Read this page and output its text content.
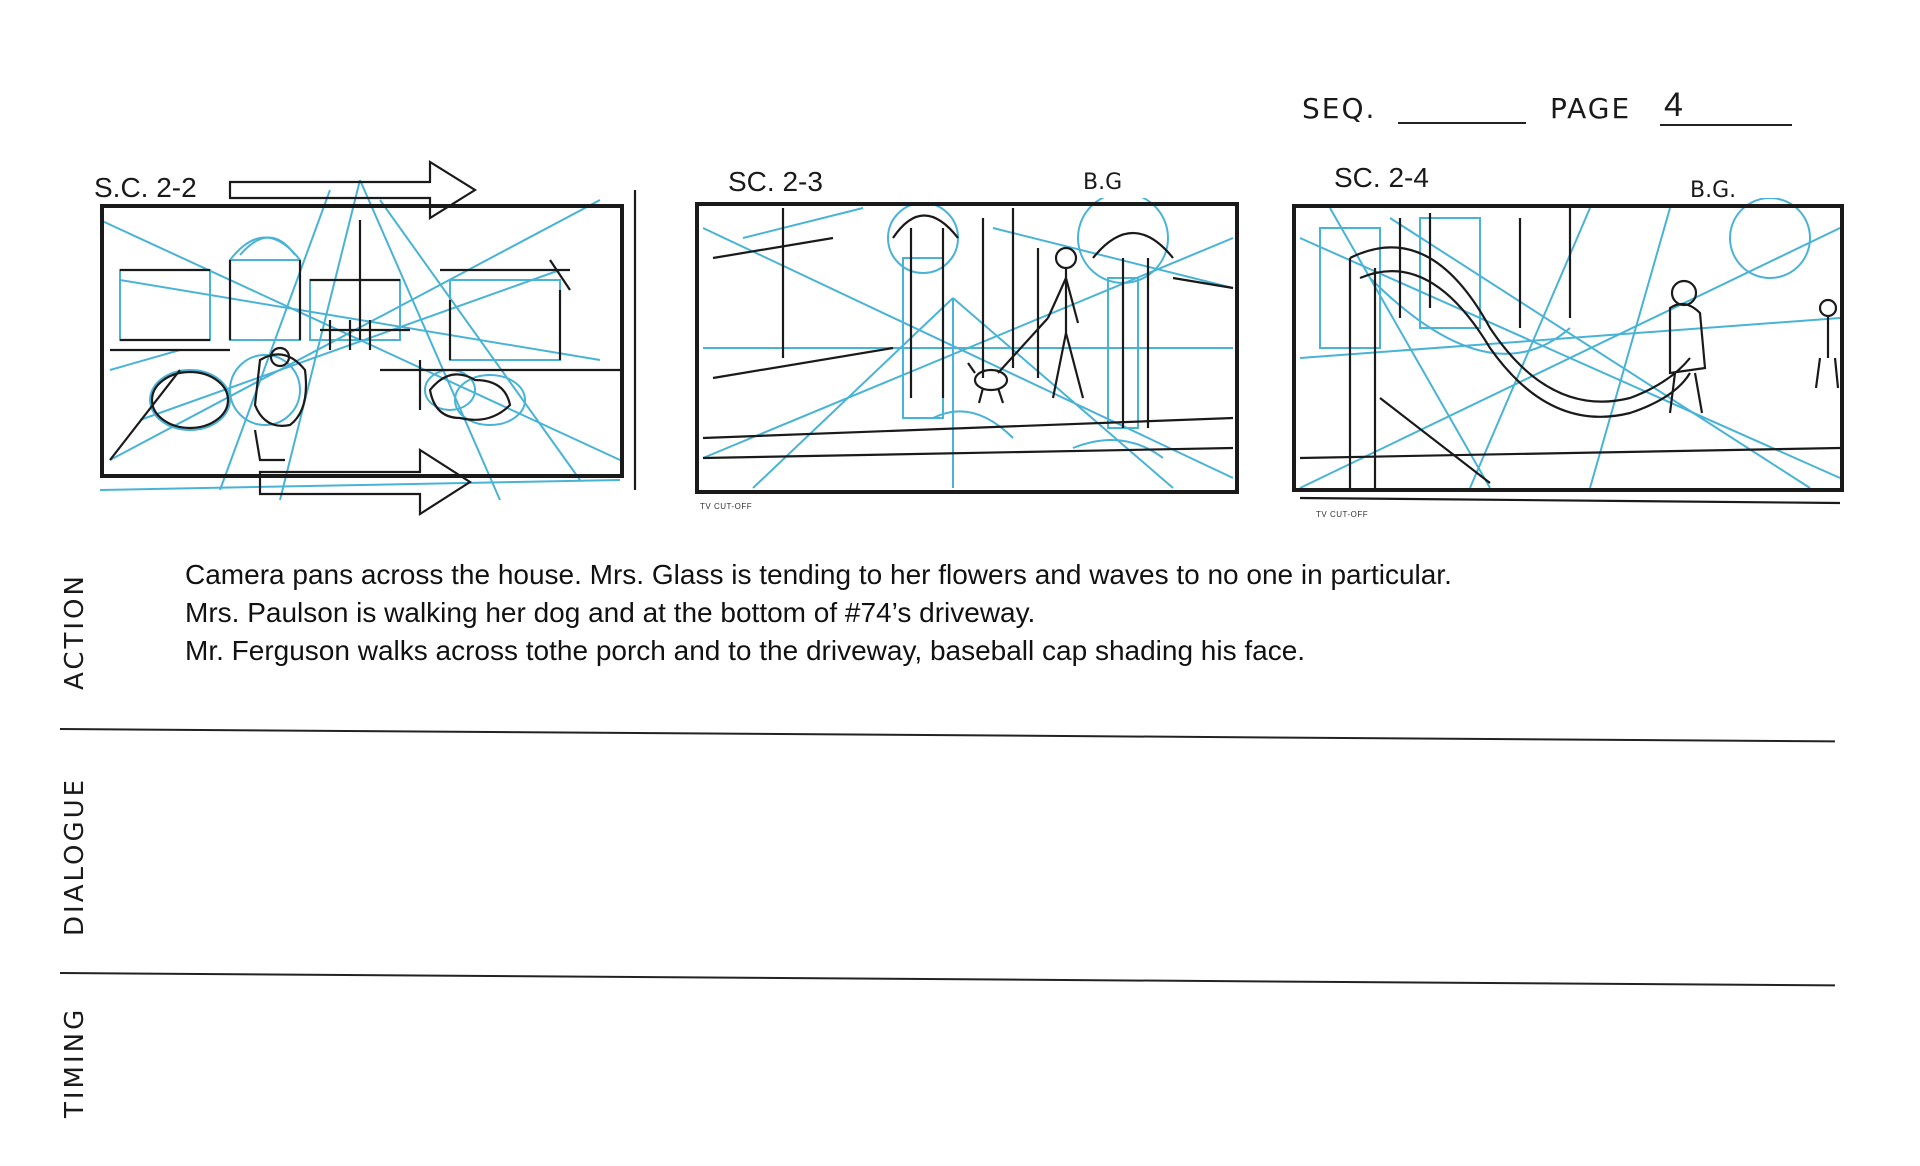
SEQ.	PAGE 4
S.C. 2-2	SC. 2-3	B.G
TV CUT-OFF
SC. 2-4	B.G.
TV CUT-OFF
ACTION	Camera pans across the house. Mrs. Glass is tending to her flowers and waves to no one in particular.
Mrs. Paulson is walking her dog and at the bottom of #74’s driveway.
Mr. Ferguson walks across tothe porch and to the driveway, baseball cap shading his face.
DIALOGUE
TIMING
